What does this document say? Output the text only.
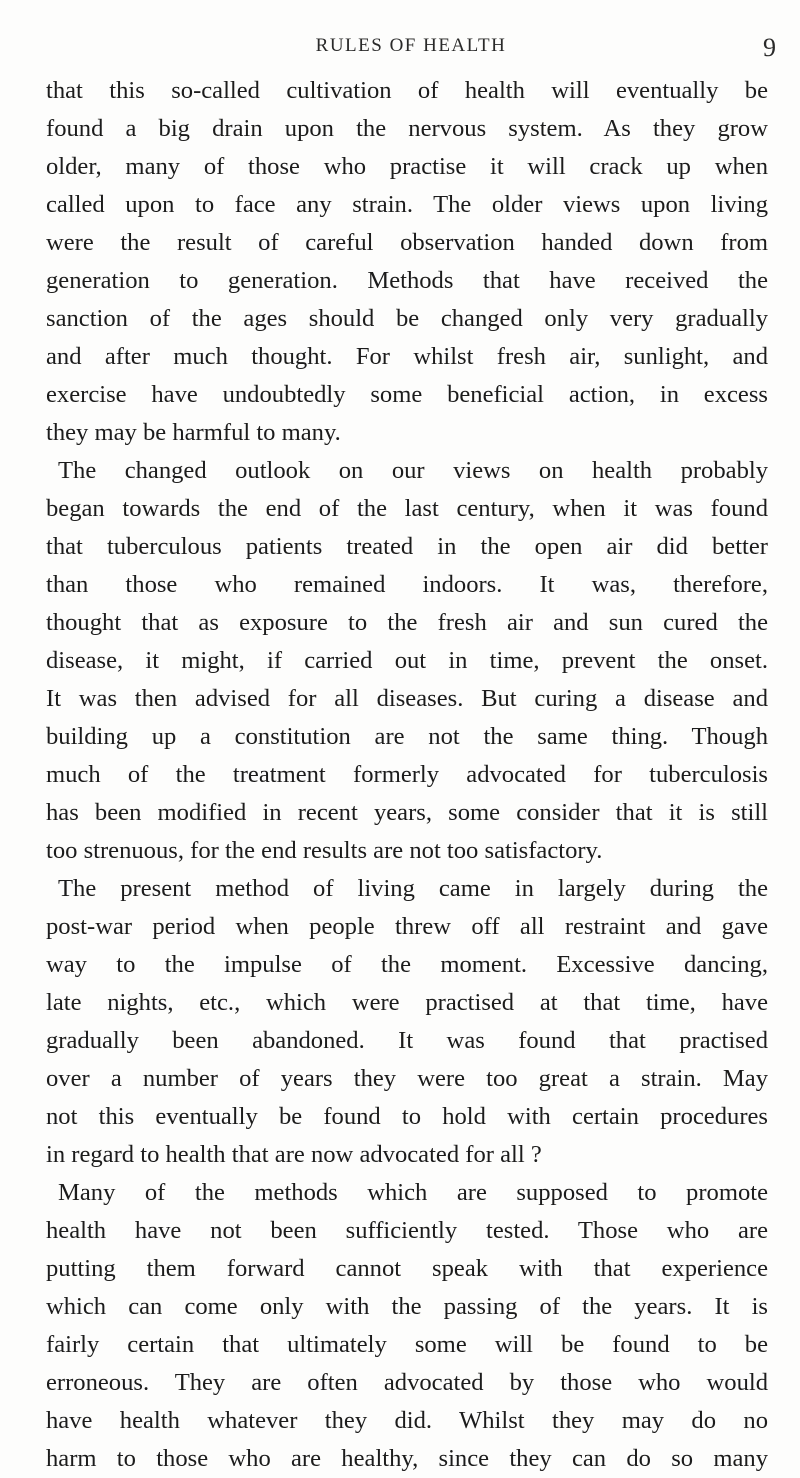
RULES OF HEALTH	9
that this so-called cultivation of health will eventually be
found a big drain upon the nervous system. As they grow
older, many of those who practise it will crack up when
called upon to face any strain. The older views upon living
were the result of careful observation handed down from
generation to generation. Methods that have received the
sanction of the ages should be changed only very gradually
and after much thought. For whilst fresh air, sunlight, and
exercise have undoubtedly some beneficial action, in excess
they may be harmful to many.
The changed outlook on our views on health probably
began towards the end of the last century, when it was found
that tuberculous patients treated in the open air did better
than those who remained indoors. It was, therefore,
thought that as exposure to the fresh air and sun cured the
disease, it might, if carried out in time, prevent the onset.
It was then advised for all diseases. But curing a disease and
building up a constitution are not the same thing. Though
much of the treatment formerly advocated for tuberculosis
has been modified in recent years, some consider that it is still
too strenuous, for the end results are not too satisfactory.
The present method of living came in largely during the
post-war period when people threw off all restraint and gave
way to the impulse of the moment. Excessive dancing,
late nights, etc., which were practised at that time, have
gradually been abandoned. It was found that practised
over a number of years they were too great a strain. May
not this eventually be found to hold with certain procedures
in regard to health that are now advocated for all ?
Many of the methods which are supposed to promote
health have not been sufficiently tested. Those who are
putting them forward cannot speak with that experience
which can come only with the passing of the years. It is
fairly certain that ultimately some will be found to be
erroneous. They are often advocated by those who would
have health whatever they did. Whilst they may do no
harm to those who are healthy, since they can do so many
